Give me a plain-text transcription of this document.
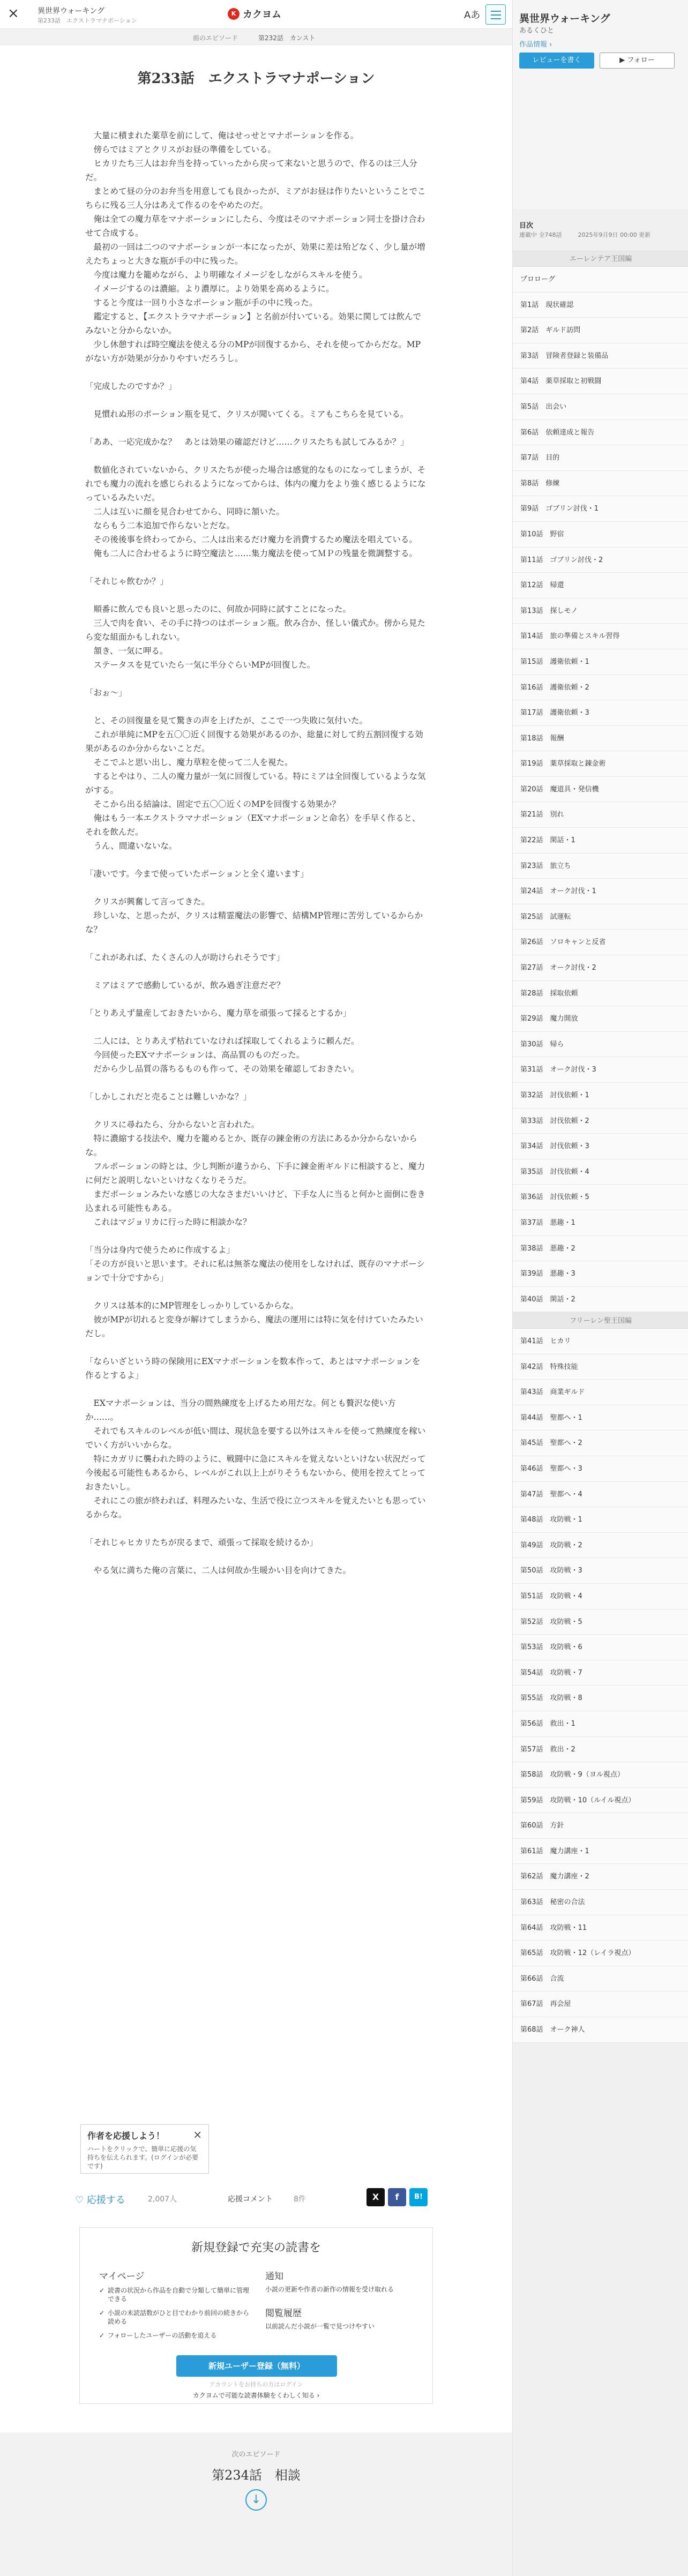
×	異世界ウォーキング
第233話　エクストラマナポーション
K カクヨム	Aあ
前のエピソード	第232話　カンスト
第233話　エクストラマナポーション

　大量に積まれた薬草を前にして、俺はせっせとマナポーションを作る。

　傍らではミアとクリスがお昼の準備をしている。

　ヒカリたち三人はお弁当を持っていったから戻って来ないと思うので、作るのは三人分だ。

　まとめて昼の分のお弁当を用意しても良かったが、ミアがお昼は作りたいということでこちらに残る三人分はあえて作るのをやめたのだ。

　俺は全ての魔力草をマナポーションにしたら、今度はそのマナポーション同士を掛け合わせて合成する。

　最初の一回は二つのマナポーションが一本になったが、効果に差は殆どなく、少し量が増えたちょっと大きな瓶が手の中に残った。

　今度は魔力を籠めながら、より明確なイメージをしながらスキルを使う。

　イメージするのは濃縮。より濃厚に。より効果を高めるように。

　すると今度は一回り小さなポーション瓶が手の中に残った。

　鑑定すると、【エクストラマナポーション】と名前が付いている。効果に関しては飲んでみないと分からないか。

　少し休憩すれば時空魔法を使える分のMPが回復するから、それを使ってからだな。MPがない方が効果が分かりやすいだろうし。

「完成したのですか？」

　見慣れぬ形のポーション瓶を見て、クリスが聞いてくる。ミアもこちらを見ている。

「ああ、一応完成かな？　あとは効果の確認だけど……クリスたちも試してみるか？」

　数値化されていないから、クリスたちが使った場合は感覚的なものになってしまうが、それでも魔力の流れを感じられるようになってからは、体内の魔力をより強く感じるようになっているみたいだ。

　二人は互いに顔を見合わせてから、同時に頷いた。

　ならもう二本追加で作らないとだな。

　その後後事を終わってから、二人は出来るだけ魔力を消費するため魔法を唱えている。

　俺も二人に合わせるように時空魔法と……集力魔法を使ってＭＰの残量を微調整する。

「それじゃ飲むか？」

　順番に飲んでも良いと思ったのに、何故か同時に試すことになった。

　三人で肉を食い、その手に持つのはポーション瓶。飲み合か、怪しい儀式か。傍から見たら変な組面かもしれない。

　頷き、一気に呷る。

　ステータスを見ていたら一気に半分ぐらいMPが回復した。

「おぉ〜」

　と、その回復量を見て驚きの声を上げたが、ここで一つ失敗に気付いた。

　これが単純にMPを五〇〇近く回復する効果があるのか、総量に対して約五割回復する効果があるのか分からないことだ。

　そこでふと思い出し、魔力草粒を使って二人を視た。

　するとやはり、二人の魔力量が一気に回復している。特にミアは全回復しているような気がする。

　そこから出る結論は、固定で五〇〇近くのMPを回復する効果か？

　俺はもう一本エクストラマナポーション（EXマナポーションと命名）を手早く作ると、それを飲んだ。

　うん、間違いないな。

「凄いです。今まで使っていたポーションと全く違います」

　クリスが興奮して言ってきた。

　珍しいな、と思ったが、クリスは精霊魔法の影響で、結構MP管理に苦労しているからかな？

「これがあれば、たくさんの人が助けられそうです」

　ミアはミアで感動しているが、飲み過ぎ注意だぞ？

「とりあえず量産しておきたいから、魔力草を頑張って採るとするか」

　二人には、とりあえず枯れていなければ採取してくれるように頼んだ。

　今回使ったEXマナポーションは、高品質のものだった。

　だから少し品質の落ちるものも作って、その効果を確認しておきたい。

「しかしこれだと売ることは難しいかな？」

　クリスに尋ねたら、分からないと言われた。

　特に濃縮する技法や、魔力を籠めるとか、既存の錬金術の方法にあるか分からないからな。

　フルポーションの時とは、少し判断が違うから、下手に錬金術ギルドに相談すると、魔力に何だと説明しないといけなくなりそうだ。

　まだポーションみたいな感じの大なさまだいいけど、下手な人に当ると何かと面倒に巻き込まれる可能性もある。

　これはマジョリカに行った時に相談かな？

「当分は身内で使うために作成するよ」

「その方が良いと思います。それに私は無茶な魔法の使用をしなければ、既存のマナポーションで十分ですから」

　クリスは基本的にMP管理をしっかりしているからな。

　彼がMPが切れると変身が解けてしまうから、魔法の運用には特に気を付けていたみたいだし。

「ならいざという時の保険用にEXマナポーションを数本作って、あとはマナポーションを作るとするよ」

　EXマナポーションは、当分の間熟練度を上げるため用だな。何とも贅沢な使い方か……。

　それでもスキルのレベルが低い間は、現状急を要する以外はスキルを使って熟練度を稼いでいく方がいいからな。

　特にカガリに襲われた時のように、戦闘中に急にスキルを覚えないといけない状況だって今後起る可能性もあるから、レベルがこれ以上上がりそうもないから、使用を控えてとっておきたいし。

　それにこの旅が終われば、料理みたいな、生活で役に立つスキルを覚えたいとも思っているからな。

「それじゃヒカリたちが戻るまで、頑張って採取を続けるか」

　やる気に満ちた俺の言葉に、二人は何故か生暖かい目を向けてきた。

×
作者を応援しよう！

ハートをクリックで、簡単に応援の気持ちを伝えられます。(ログインが必要です)

♡ 応援する	2,007人	応援コメント	8件	X	f	B!
新規登録で充実の読書を
マイページ
✓ 読書の状況から作品を自動で分類して簡単に管理できる
✓ 小説の未読話数がひと目でわかり前回の続きから読める
✓ フォローしたユーザーの活動を追える
通知

小説の更新や作者の新作の情報を受け取れる

閲覧履歴

以前読んだ小説が一覧で見つけやすい

新規ユーザー登録（無料）
アカウントをお持ちの方はログイン
カクヨムで可能な読書体験をくわしく知る ›
次のエピソード
第234話　相談
↓
異世界ウォーキング
あるくひと
作品情報 ›
レビューを書く	▶ フォロー
目次
連載中 全748話	2025年9月9日 00:00 更新
エーレンテア王国編
プロローグ
第1話　現状確認
第2話　ギルド訪問
第3話　冒険者登録と装備品
第4話　薬草採取と初戦闘
第5話　出会い
第6話　依頼達成と報告
第7話　目的
第8話　修練
第9話　ゴブリン討伐・1
第10話　野宿
第11話　ゴブリン討伐・2
第12話　帰還
第13話　探しモノ
第14話　旅の準備とスキル習得
第15話　護衛依頼・1
第16話　護衛依頼・2
第17話　護衛依頼・3
第18話　報酬
第19話　薬草採取と錬金術
第20話　魔道具・発信機
第21話　別れ
第22話　閑話・1
第23話　旅立ち
第24話　オーク討伐・1
第25話　試運転
第26話　ソロキャンと反省
第27話　オーク討伐・2
第28話　採取依頼
第29話　魔力開放
第30話　帰ら
第31話　オーク討伐・3
第32話　討伐依頼・1
第33話　討伐依頼・2
第34話　討伐依頼・3
第35話　討伐依頼・4
第36話　討伐依頼・5
第37話　悪趣・1
第38話　悪趣・2
第39話　悪趣・3
第40話　閑話・2
フリーレン聖王国編
第41話　ヒカリ
第42話　特殊技能
第43話　商業ギルド
第44話　聖都へ・1
第45話　聖都へ・2
第46話　聖都へ・3
第47話　聖都へ・4
第48話　攻防戦・1
第49話　攻防戦・2
第50話　攻防戦・3
第51話　攻防戦・4
第52話　攻防戦・5
第53話　攻防戦・6
第54話　攻防戦・7
第55話　攻防戦・8
第56話　救出・1
第57話　救出・2
第58話　攻防戦・9（ヨル視点）
第59話　攻防戦・10（ルイル視点）
第60話　方針
第61話　魔力講座・1
第62話　魔力講座・2
第63話　秘密の合法
第64話　攻防戦・11
第65話　攻防戦・12（レイラ視点）
第66話　合流
第67話　再会屋
第68話　オーク神人
